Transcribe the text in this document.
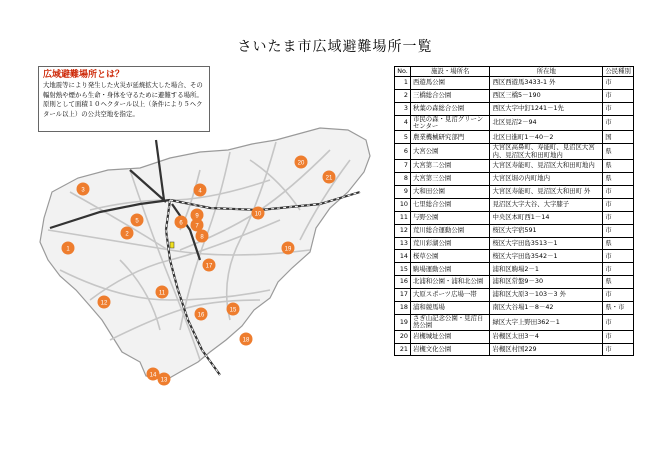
さいたま市広域避難場所一覧
広域避難場所とは？
大地震等により発生した火災が延焼拡大した場合、その輻射熱や煙から生命・身体を守るために避難する場所。原則として面積１０ヘクタール以上（条件により５ヘクタール以上）の公共空地を指定。
1
2
3	4
5	6 7
8
9	10
11
12
13
14
15
16
17
18
19
20
21
No.	施設・場所名	所在地	公民種別
1	西遊馬公園	西区西遊馬3433-1 外	市
2	三橋総合公園	西区三橋5－190	市
3	秋葉の森総合公園	西区大字中釘1241－1先	市
4	市民の森・見沼グリーンセンター	北区見沼2－94	市
5	農業機械研究部門	北区日進町1－40－2	国
6	大宮公園	大宮区高鼻町、寿能町、見沼区大宮内、見沼区大和田町地内	県
7	大宮第二公園	大宮区寿能町、見沼区大和田町地内	県
8	大宮第三公園	大宮区堀の内町地内	県
9	大和田公園	大宮区寿能町、見沼区大和田町 外	市
10	七里総合公園	見沼区大字大谷、大字膝子	市
11	与野公園	中央区本町西1－14	市
12	荒川総合運動公園	桜区大字宿591	市
13	荒川彩湖公園	桜区大字田島3513－1	県
14	桜草公園	桜区大字田島3542－1	市
15	駒場運動公園	浦和区駒場2－1	市
16	北浦和公園・浦和北公園	浦和区常盤9－30	県
17	大原スポーツ広場一帯	浦和区大原3－103－3 外	市
18	浦和競馬場	南区大谷場1－8－42	県・市
19	さぎ山記念公園・見沼自然公園	緑区大字上野田362－1	市
20	岩槻城址公園	岩槻区太田3－4	市
21	岩槻文化公園	岩槻区村国229	市
